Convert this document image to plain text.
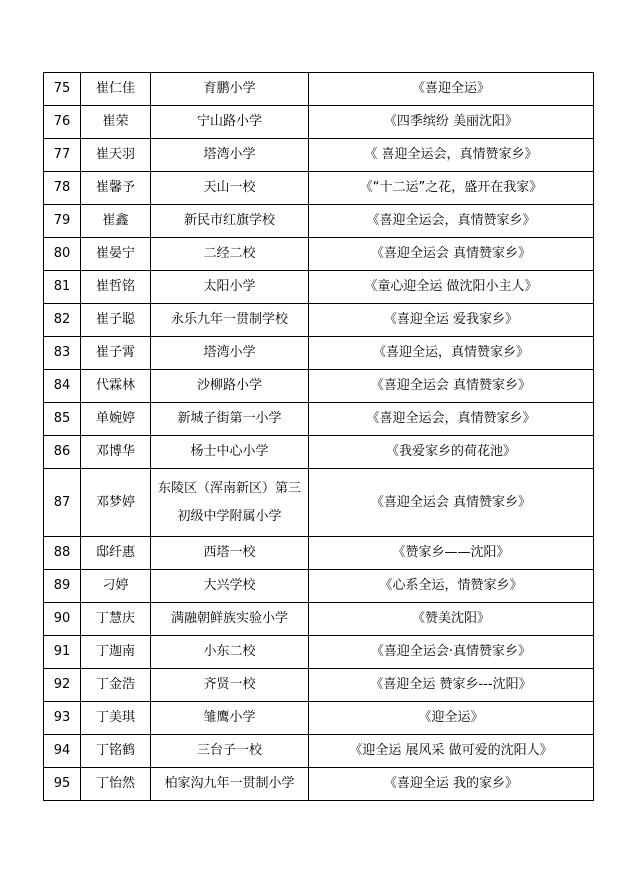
75	崔仁佳	育鹏小学	《喜迎全运》
76	崔荣	宁山路小学	《四季缤纷 美丽沈阳》
77	崔天羽	塔湾小学	《 喜迎全运会，真情赞家乡》
78	崔馨予	天山一校	《“十二运”之花，盛开在我家》
79	崔鑫	新民市红旗学校	《喜迎全运会，真情赞家乡》
80	崔晏宁	二经二校	《喜迎全运会 真情赞家乡》
81	崔哲铭	太阳小学	《童心迎全运 做沈阳小主人》
82	崔子聪	永乐九年一贯制学校	《喜迎全运 爱我家乡》
83	崔子霄	塔湾小学	《喜迎全运，真情赞家乡》
84	代霖林	沙柳路小学	《喜迎全运会 真情赞家乡》
85	单婉婷	新城子街第一小学	《喜迎全运会，真情赞家乡》
86	邓博华	杨士中心小学	《我爱家乡的荷花池》
87	邓梦婷	东陵区（浑南新区）第三初级中学附属小学	《喜迎全运会 真情赞家乡》
88	邸纤惠	西塔一校	《赞家乡——沈阳》
89	刁婷	大兴学校	《心系全运，情赞家乡》
90	丁慧庆	满融朝鲜族实验小学	《赞美沈阳》
91	丁迦南	小东二校	《喜迎全运会·真情赞家乡》
92	丁金浩	齐贤一校	《喜迎全运 赞家乡---沈阳》
93	丁美琪	雏鹰小学	《迎全运》
94	丁铭鹤	三台子一校	《迎全运 展风采 做可爱的沈阳人》
95	丁怡然	柏家沟九年一贯制小学	《喜迎全运 我的家乡》
